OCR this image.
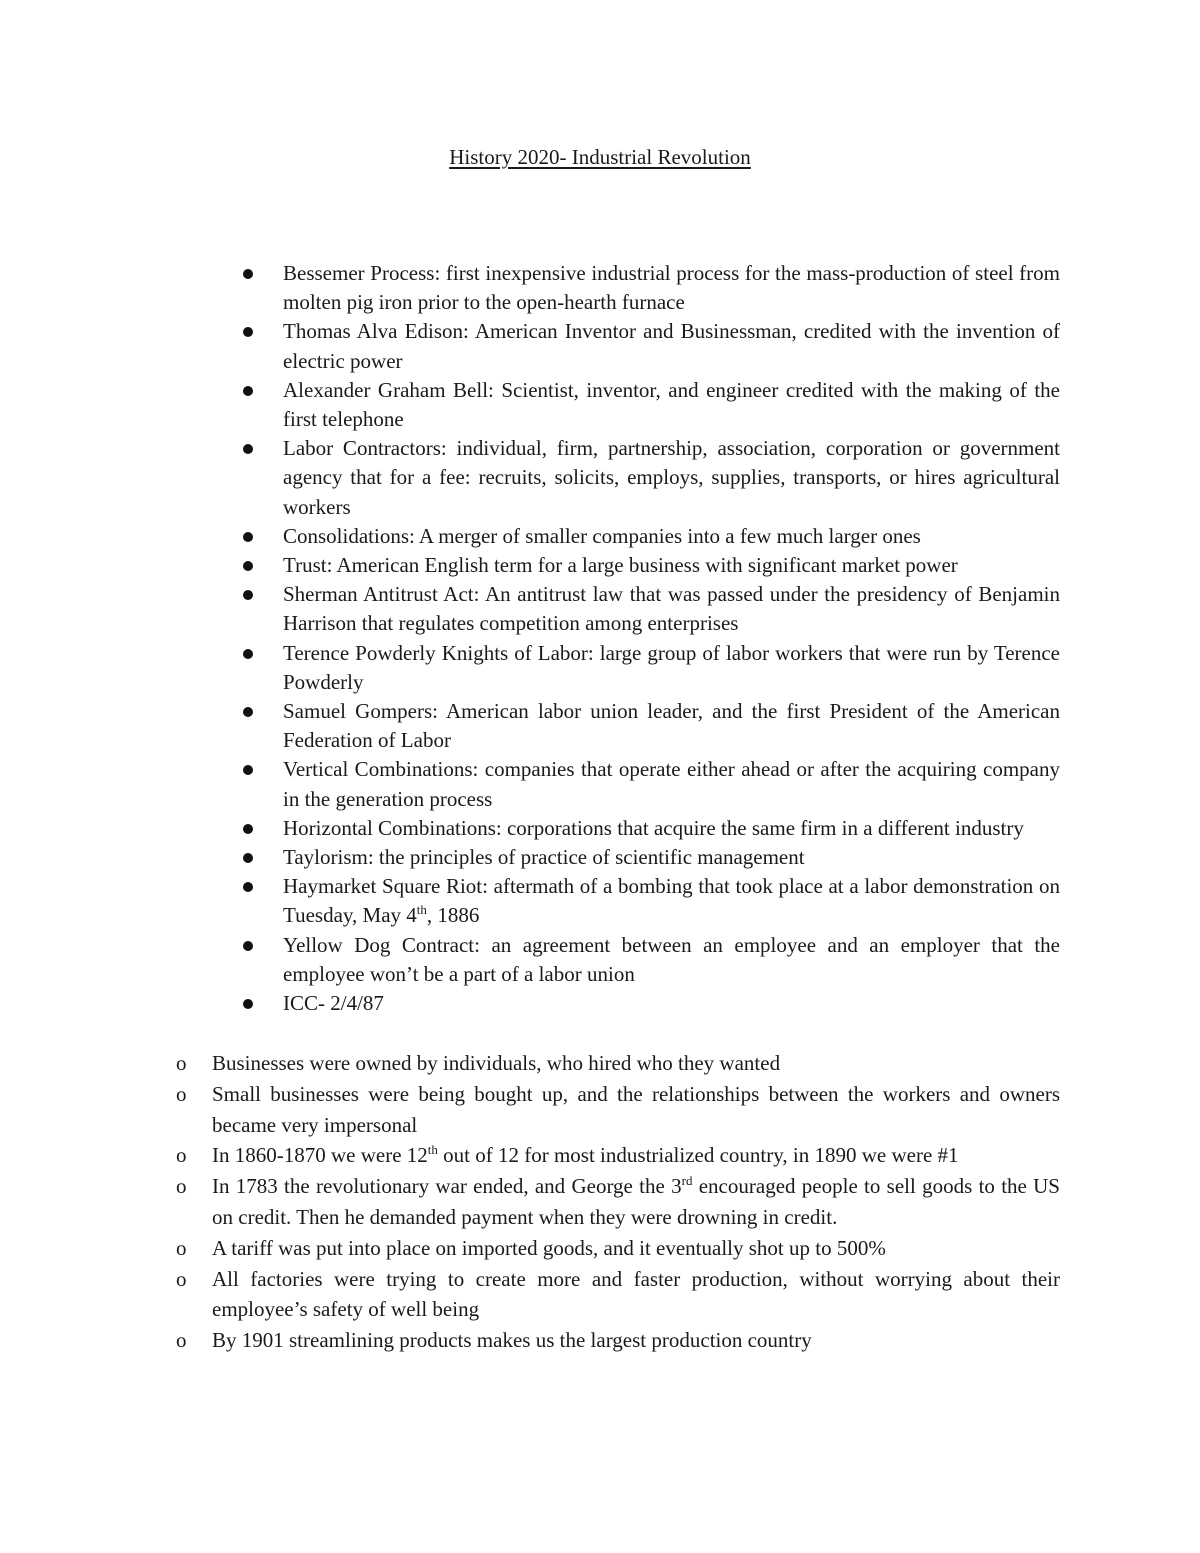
History 2020- Industrial Revolution
Bessemer Process: first inexpensive industrial process for the mass-production of steel from molten pig iron prior to the open-hearth furnace
Thomas Alva Edison: American Inventor and Businessman, credited with the invention of electric power
Alexander Graham Bell: Scientist, inventor, and engineer credited with the making of the first telephone
Labor Contractors: individual, firm, partnership, association, corporation or government agency that for a fee: recruits, solicits, employs, supplies, transports, or hires agricultural workers
Consolidations: A merger of smaller companies into a few much larger ones
Trust: American English term for a large business with significant market power
Sherman Antitrust Act: An antitrust law that was passed under the presidency of Benjamin Harrison that regulates competition among enterprises
Terence Powderly Knights of Labor: large group of labor workers that were run by Terence Powderly
Samuel Gompers: American labor union leader, and the first President of the American Federation of Labor
Vertical Combinations: companies that operate either ahead or after the acquiring company in the generation process
Horizontal Combinations: corporations that acquire the same firm in a different industry
Taylorism: the principles of practice of scientific management
Haymarket Square Riot: aftermath of a bombing that took place at a labor demonstration on Tuesday, May 4th, 1886
Yellow Dog Contract: an agreement between an employee and an employer that the employee won’t be a part of a labor union
ICC- 2/4/87
o Businesses were owned by individuals, who hired who they wanted
o Small businesses were being bought up, and the relationships between the workers and owners became very impersonal
o In 1860-1870 we were 12th out of 12 for most industrialized country, in 1890 we were #1
o In 1783 the revolutionary war ended, and George the 3rd encouraged people to sell goods to the US on credit. Then he demanded payment when they were drowning in credit.
o A tariff was put into place on imported goods, and it eventually shot up to 500%
o All factories were trying to create more and faster production, without worrying about their employee’s safety of well being
o By 1901 streamlining products makes us the largest production country
